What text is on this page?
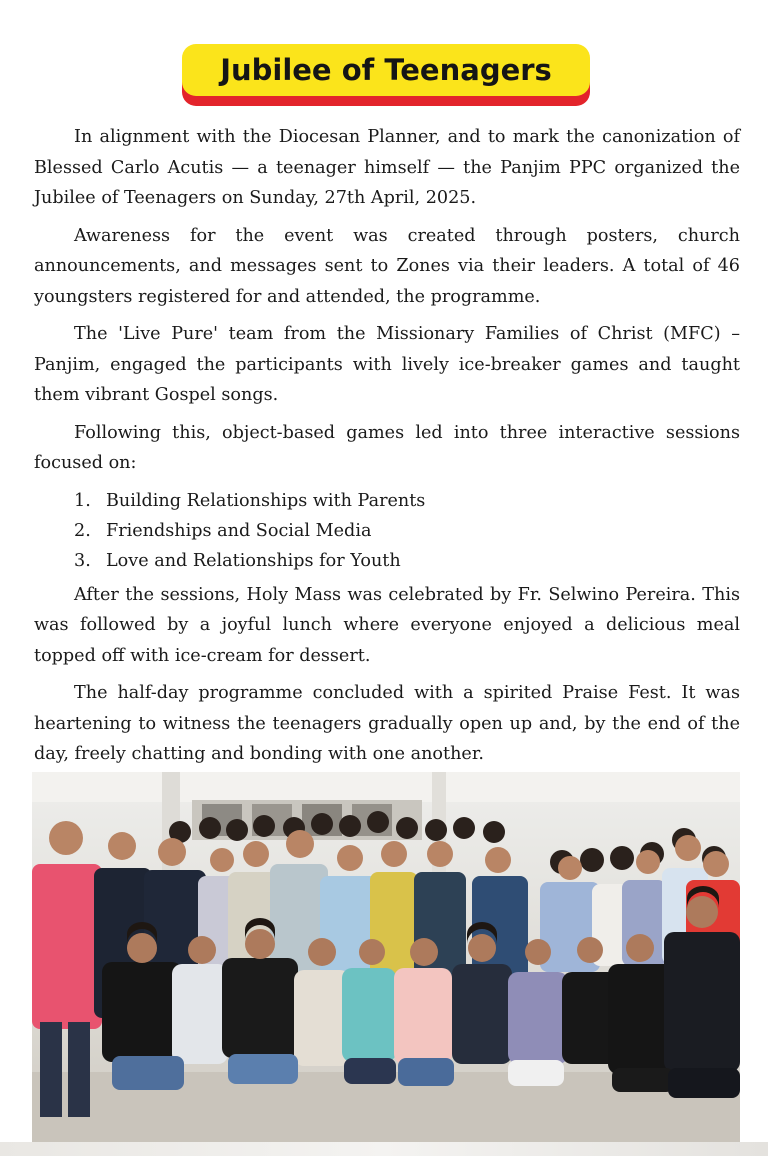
Jubilee of Teenagers

In alignment with the Diocesan Planner, and to mark the canonization of Blessed Carlo Acutis — a teenager himself — the Panjim PPC organized the Jubilee of Teenagers on Sunday, 27th April, 2025.

Awareness for the event was created through posters, church announcements, and messages sent to Zones via their leaders. A total of 46 youngsters registered for and attended, the programme.

The 'Live Pure' team from the Missionary Families of Christ (MFC) – Panjim, engaged the participants with lively ice-breaker games and taught them vibrant Gospel songs.

Following this, object-based games led into three interactive sessions focused on:

Building Relationships with Parents
Friendships and Social Media
Love and Relationships for Youth

After the sessions, Holy Mass was celebrated by Fr. Selwino Pereira. This was followed by a joyful lunch where everyone enjoyed a delicious meal topped off with ice-cream for dessert.

The half-day programme concluded with a spirited Praise Fest. It was heartening to witness the teenagers gradually open up and, by the end of the day, freely chatting and bonding with one another.
